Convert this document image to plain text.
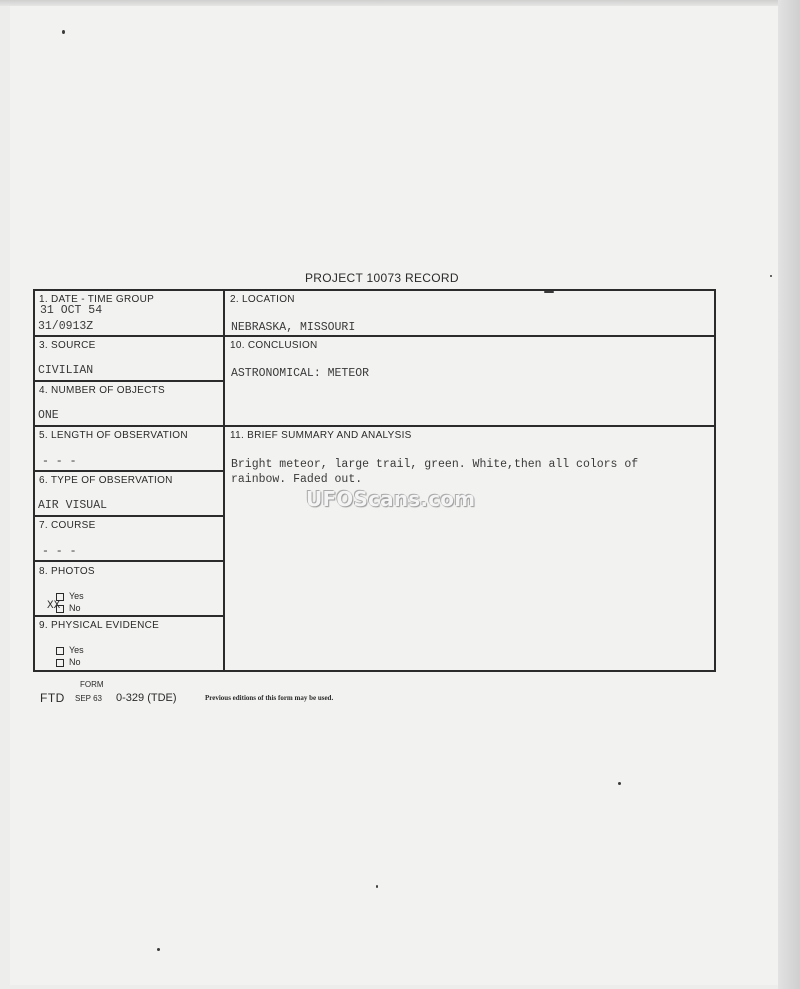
PROJECT 10073 RECORD
1. DATE - TIME GROUP
31 OCT 54
31/0913Z
2. LOCATION
NEBRASKA, MISSOURI
3. SOURCE
CIVILIAN
10. CONCLUSION
ASTRONOMICAL: METEOR
4. NUMBER OF OBJECTS
ONE
5. LENGTH OF OBSERVATION
- - -
11. BRIEF SUMMARY AND ANALYSIS
Bright meteor, large trail, green. White,then all colors of rainbow. Faded out.
6. TYPE OF OBSERVATION
AIR VISUAL
7. COURSE
- - -
8. PHOTOS
Yes
No
XX
9. PHYSICAL EVIDENCE
Yes
No
UFOScans.com
FORM
FTD SEP 63 0-329 (TDE)	Previous editions of this form may be used.
